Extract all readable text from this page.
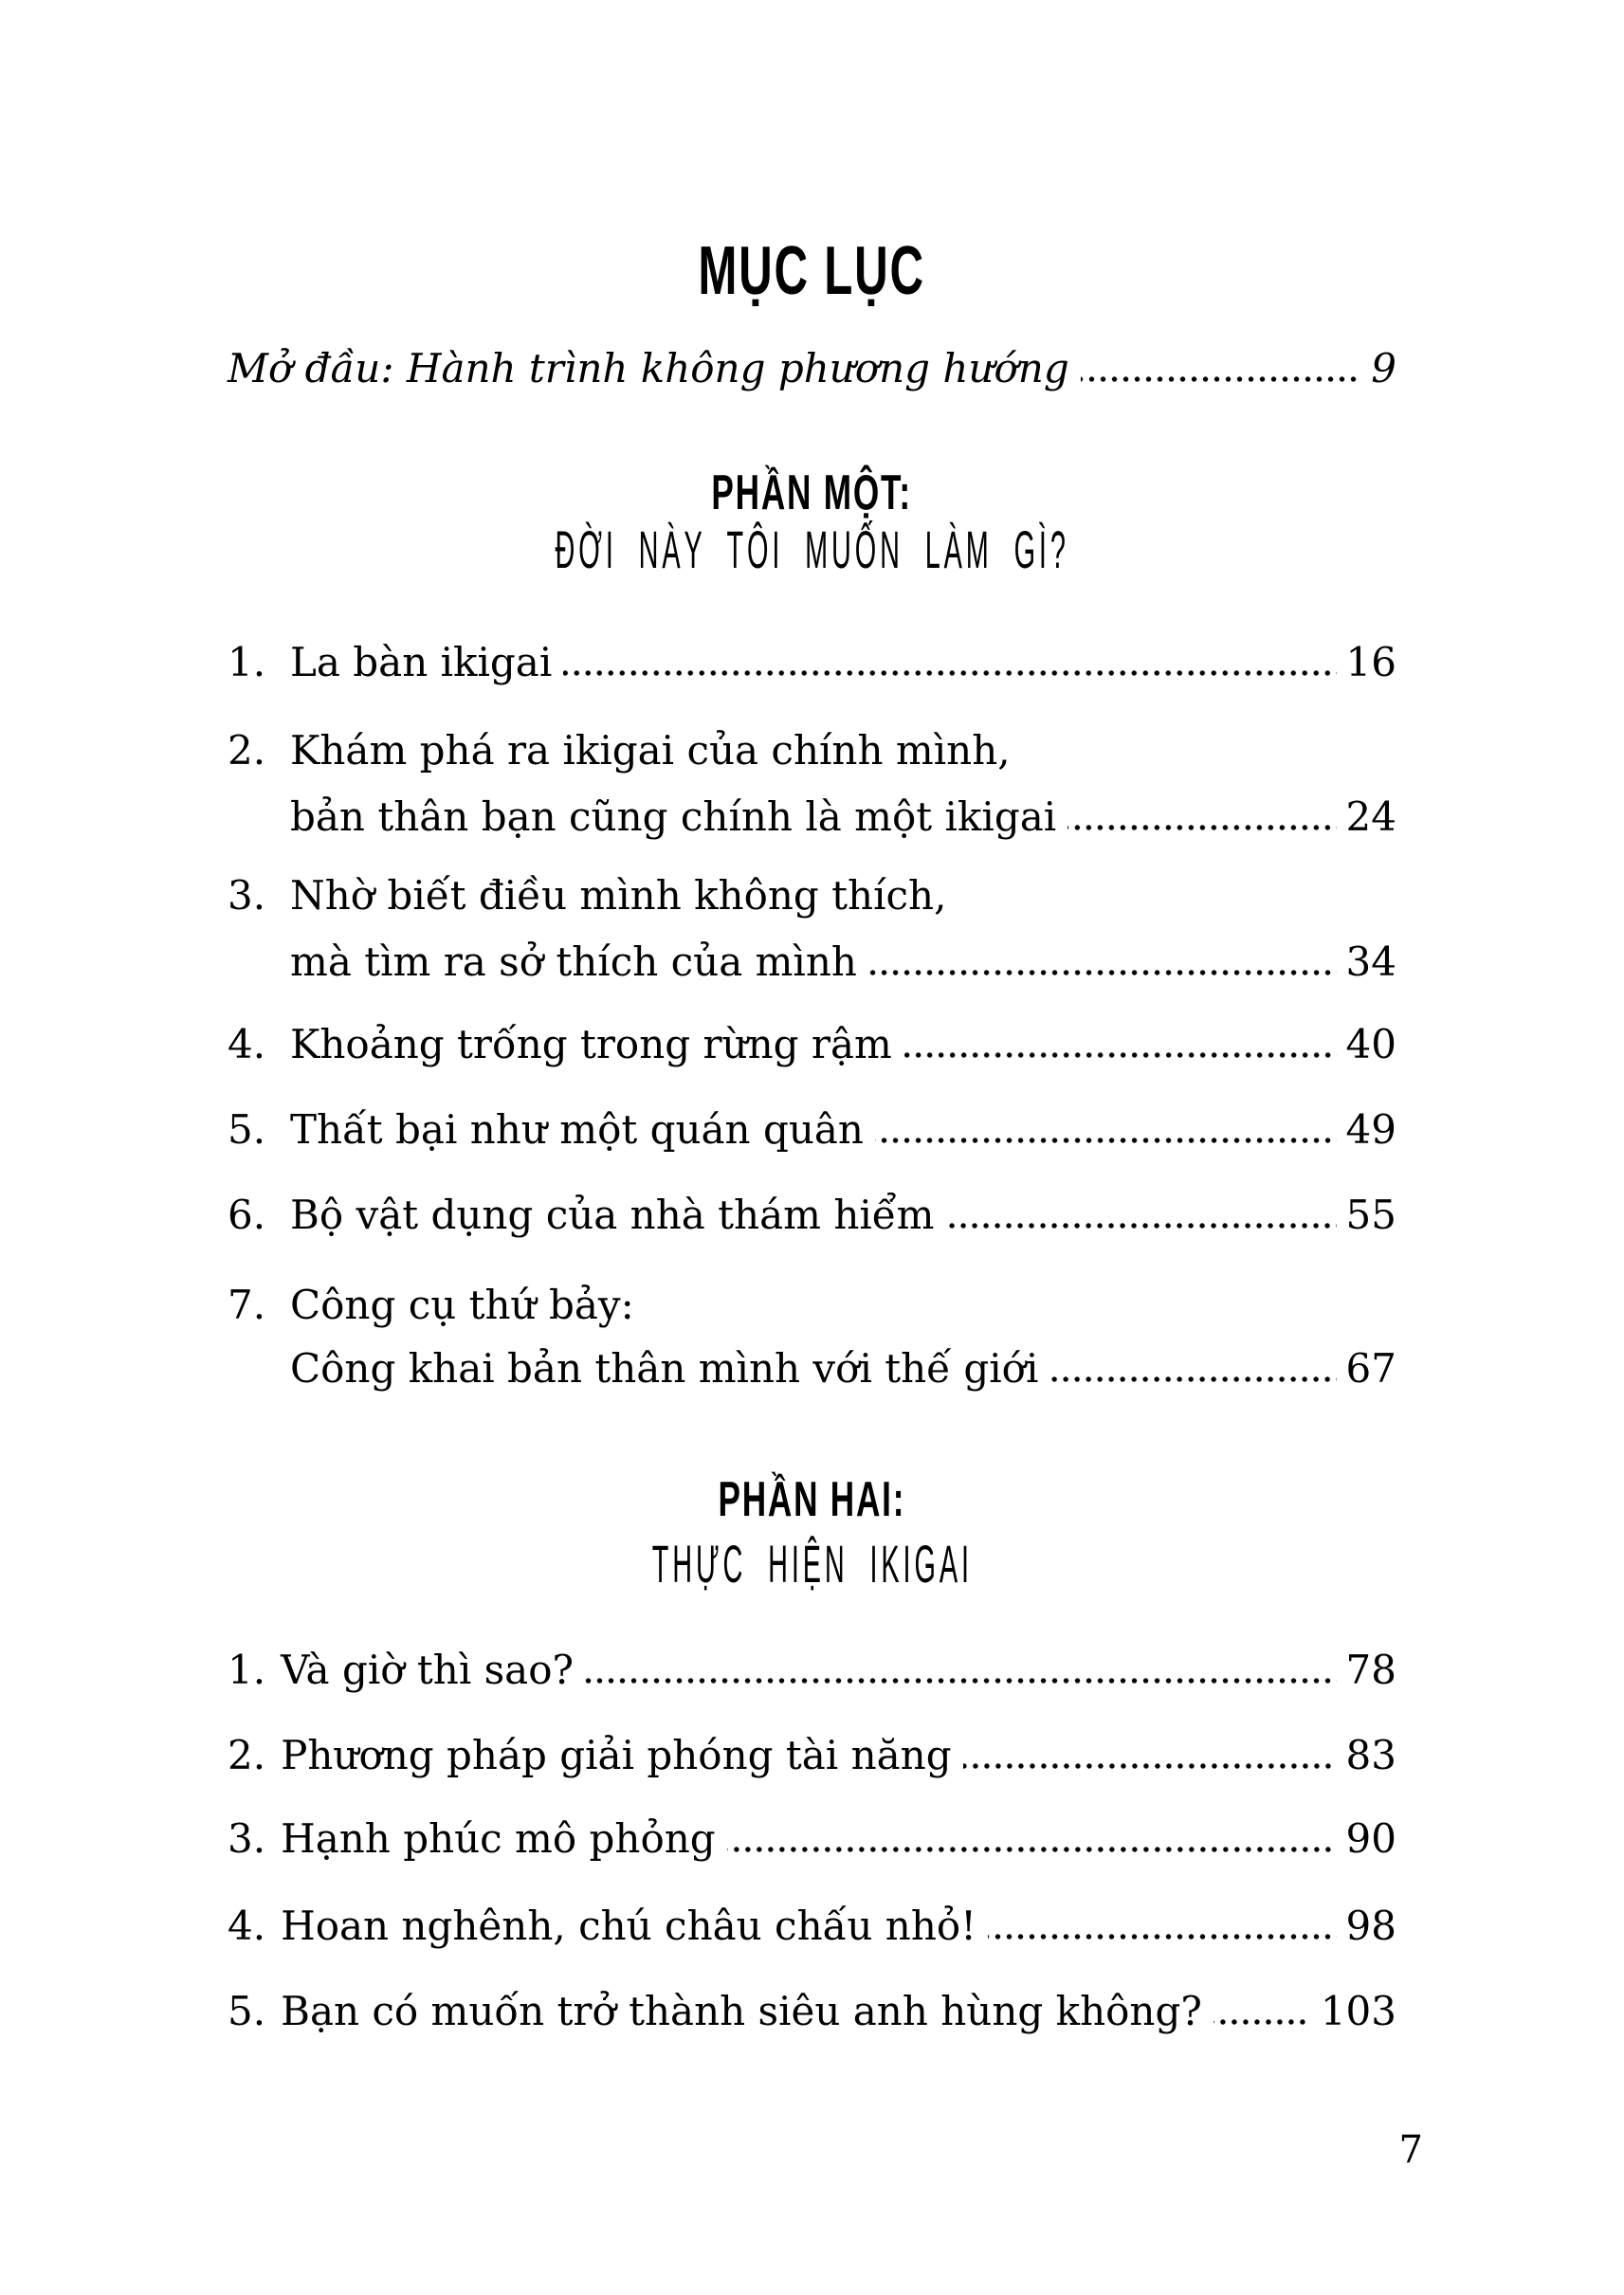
MỤC LỤC
Mở đầu: Hành trình không phương hướng	9
PHẦN MỘT:
ĐỜI NÀY TÔI MUỐN LÀM GÌ?
1. La bàn ikigai	16
2. Khám phá ra ikigai của chính mình,
bản thân bạn cũng chính là một ikigai	24
3. Nhờ biết điều mình không thích,
mà tìm ra sở thích của mình	34
4. Khoảng trống trong rừng rậm	40
5. Thất bại như một quán quân	49
6. Bộ vật dụng của nhà thám hiểm	55
7. Công cụ thứ bảy:
Công khai bản thân mình với thế giới	67
PHẦN HAI:
THỰC HIỆN IKIGAI
1. Và giờ thì sao?	78
2. Phương pháp giải phóng tài năng	83
3. Hạnh phúc mô phỏng	90
4. Hoan nghênh, chú châu chấu nhỏ!	98
5. Bạn có muốn trở thành siêu anh hùng không?	103
7
